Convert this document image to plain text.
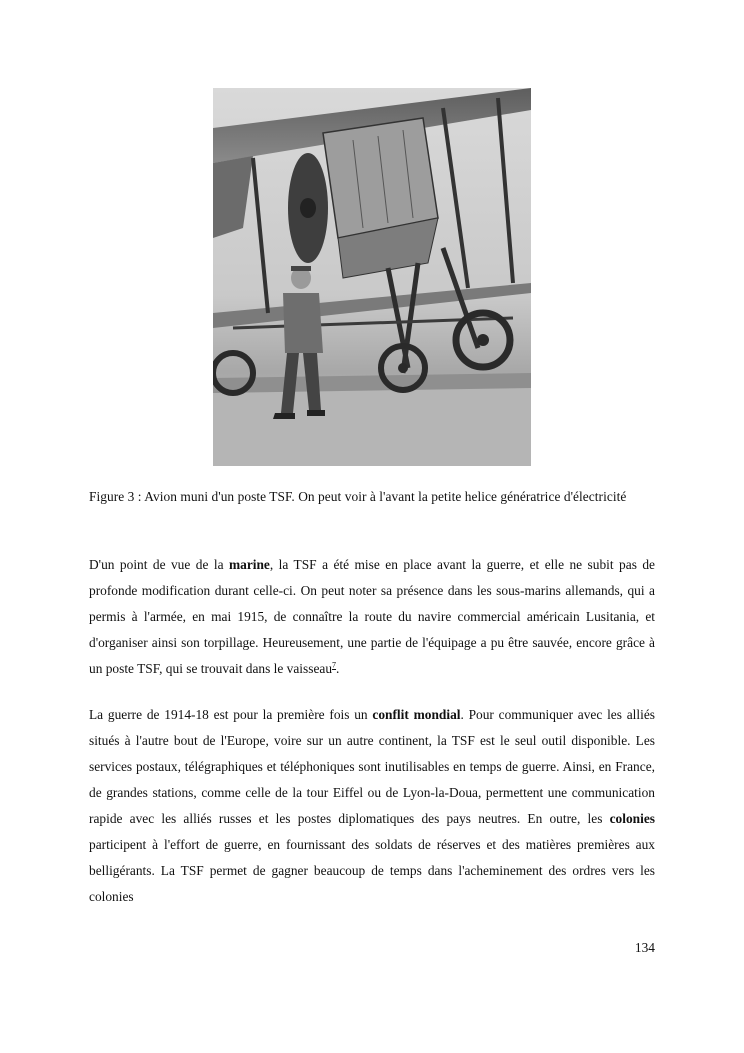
Figure 3 : Avion muni d'un poste TSF. On peut voir à l'avant la petite helice génératrice d'électricité

D'un point de vue de la marine, la TSF a été mise en place avant la guerre, et elle ne subit pas de profonde modification durant celle-ci. On peut noter sa présence dans les sous-marins allemands, qui a permis à l'armée, en mai 1915, de connaître la route du navire commercial américain Lusitania, et d'organiser ainsi son torpillage. Heureusement, une partie de l'équipage a pu être sauvée, encore grâce à un poste TSF, qui se trouvait dans le vaisseau$^7$.

La guerre de 1914-18 est pour la première fois un conflit mondial. Pour communiquer avec les alliés situés à l'autre bout de l'Europe, voire sur un autre continent, la TSF est le seul outil disponible. Les services postaux, télégraphiques et téléphoniques sont inutilisables en temps de guerre. Ainsi, en France, de grandes stations, comme celle de la tour Eiffel ou de Lyon-la-Doua, permettent une communication rapide avec les alliés russes et les postes diplomatiques des pays neutres. En outre, les colonies participent à l'effort de guerre, en fournissant des soldats de réserves et des matières premières aux belligérants. La TSF permet de gagner beaucoup de temps dans l'acheminement des ordres vers les colonies

134
